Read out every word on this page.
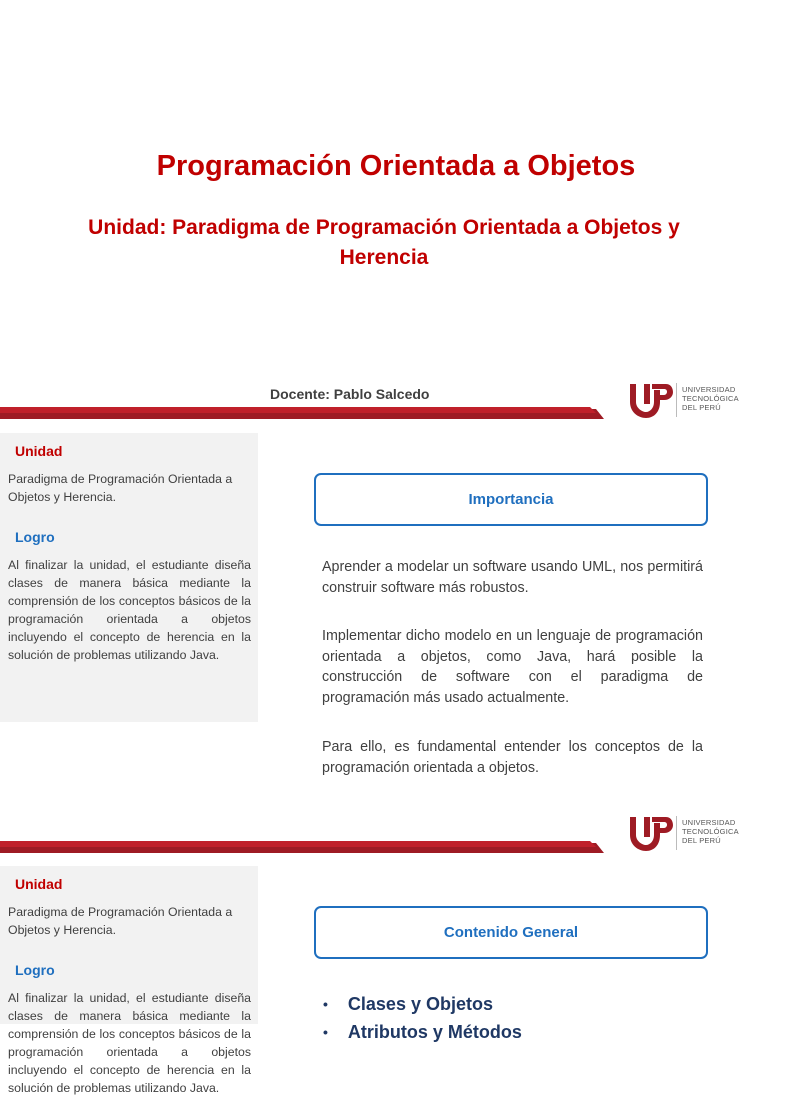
Programación Orientada a Objetos
Unidad: Paradigma de Programación Orientada a Objetos y Herencia
Docente: Pablo Salcedo	UNIVERSIDAD
TECNOLÓGICA
DEL PERÚ
Unidad
Paradigma de Programación Orientada a Objetos y Herencia.
Logro
Al finalizar la unidad, el estudiante diseña clases de manera básica mediante la comprensión de los conceptos básicos de la programación orientada a objetos incluyendo el concepto de herencia en la solución de problemas utilizando Java.
Importancia
Aprender a modelar un software usando UML, nos permitirá construir software más robustos.
Implementar dicho modelo en un lenguaje de programación orientada a objetos, como Java, hará posible la construcción de software con el paradigma de programación más usado actualmente.
Para ello, es fundamental entender los conceptos de la programación orientada a objetos.
UNIVERSIDAD
TECNOLÓGICA
DEL PERÚ
Unidad
Paradigma de Programación Orientada a Objetos y Herencia.
Logro
Al finalizar la unidad, el estudiante diseña clases de manera básica mediante la comprensión de los conceptos básicos de la programación orientada a objetos incluyendo el concepto de herencia en la solución de problemas utilizando Java.
Contenido General
• Clases y Objetos
• Atributos y Métodos
